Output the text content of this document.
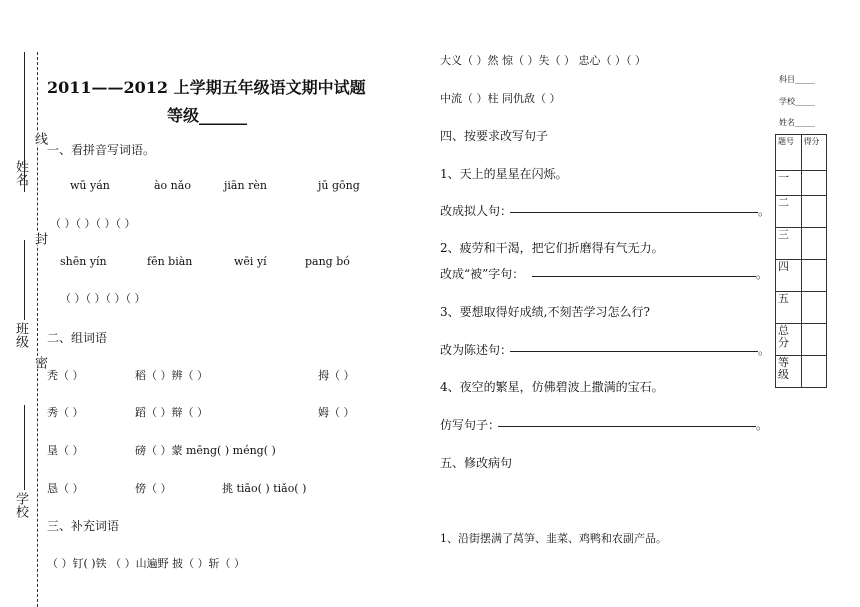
姓名
线
封
班级
密
学校
2011——2012 上学期五年级语文期中试题
等级______
一、看拼音写词语。
wū yán	ào nǎo	jiān rèn	jū gōng
（ ）（ ）（ ）（ ）
shēn yín	fēn biàn	wēi yí	pang bó
（ ）（ ）（ ）（ ）
二、组词语
秃（ ）	稻（ ）辨（ ）	拇（ ）
秀（ ）	蹈（ ）辩（ ）	姆（ ）
垦（ ）	磅（ ）蒙 mēng( ) méng( )
恳（ ）	傍（ ）	挑 tiāo( ) tiǎo( )
三、补充词语
（ ）钉( )铁 （ ）山遍野 披（ ）斩（ ）
大义（ ）然 惊（ ）失（ ） 忠心（ ）（ ）
中流（ ）柱 同仇敌（ ）
四、按要求改写句子
1、天上的星星在闪烁。
改成拟人句：	。
2、疲劳和干渴，把它们折磨得有气无力。
改成“被”字句：	。
3、要想取得好成绩,不刻苦学习怎么行?
改为陈述句：	。
4、夜空的繁星，仿佛碧波上撒满的宝石。
仿写句子：	。
五、修改病句
1、沿街摆满了莴笋、韭菜、鸡鸭和农副产品。
科目_____
学校_____
姓名_____
题号	得分
一	
二	
三	
四	
五	
总分	
等级	
